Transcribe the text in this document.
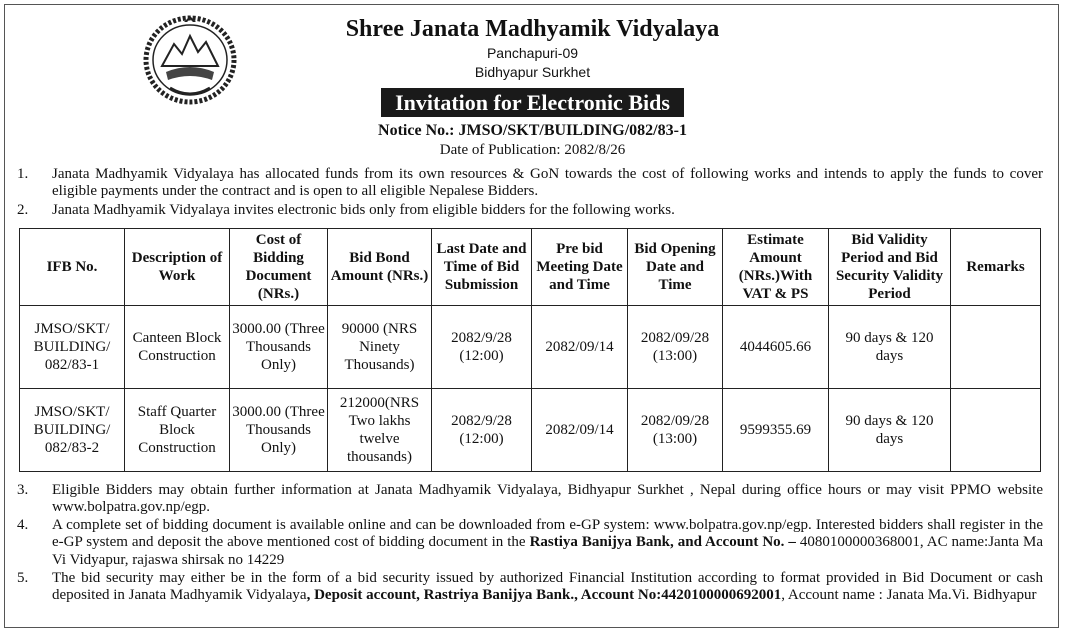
Shree Janata Madhyamik Vidyalaya
Panchapuri-09
Bidhyapur Surkhet
Invitation for Electronic Bids
Notice No.: JMSO/SKT/BUILDING/082/83-1
Date of Publication: 2082/8/26
1. Janata Madhyamik Vidyalaya has allocated funds from its own resources & GoN towards the cost of following works and intends to apply the funds to cover eligible payments under the contract and is open to all eligible Nepalese Bidders.
2. Janata Madhyamik Vidyalaya invites electronic bids only from eligible bidders for the following works.
IFB No.	Description of Work	Cost of Bidding Document (NRs.)	Bid Bond Amount (NRs.)	Last Date and Time of Bid Submission	Pre bid Meeting Date and Time	Bid Opening Date and Time	Estimate Amount (NRs.)With VAT & PS	Bid Validity Period and Bid Security Validity Period	Remarks
JMSO/SKT/ BUILDING/ 082/83-1	Canteen Block Construction	3000.00 (Three Thousands Only)	90000 (NRS Ninety Thousands)	2082/9/28 (12:00)	2082/09/14	2082/09/28 (13:00)	4044605.66	90 days & 120 days	
JMSO/SKT/ BUILDING/ 082/83-2	Staff Quarter Block Construction	3000.00 (Three Thousands Only)	212000(NRS Two lakhs twelve thousands)	2082/9/28 (12:00)	2082/09/14	2082/09/28 (13:00)	9599355.69	90 days & 120 days	
3. Eligible Bidders may obtain further information at Janata Madhyamik Vidyalaya, Bidhyapur Surkhet , Nepal during office hours or may visit PPMO website www.bolpatra.gov.np/egp.
4. A complete set of bidding document is available online and can be downloaded from e-GP system: www.bolpatra.gov.np/egp. Interested bidders shall register in the e-GP system and deposit the above mentioned cost of bidding document in the Rastiya Banijya Bank, and Account No. – 4080100000368001, AC name:Janta Ma Vi Vidyapur, rajaswa shirsak no 14229
5. The bid security may either be in the form of a bid security issued by authorized Financial Institution according to format provided in Bid Document or cash deposited in Janata Madhyamik Vidyalaya, Deposit account, Rastriya Banijya Bank., Account No:4420100000692001, Account name : Janata Ma.Vi. Bidhyapur
